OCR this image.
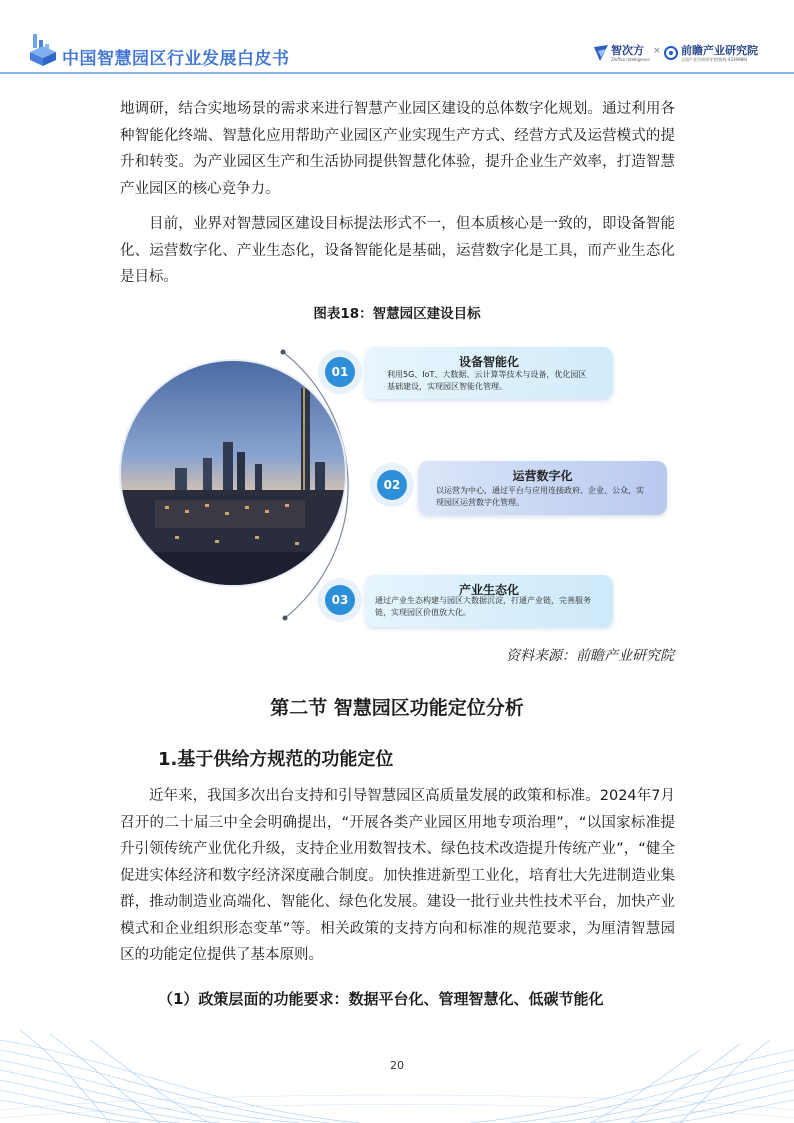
中国智慧园区行业发展白皮书	智次方
Zhiffan Intelligence
× 前瞻产业研究院
全国产业咨询领导者(热线:4339989)
地调研，结合实地场景的需求来进行智慧产业园区建设的总体数字化规划。通过利用各种智能化终端、智慧化应用帮助产业园区产业实现生产方式、经营方式及运营模式的提升和转变。为产业园区生产和生活协同提供智慧化体验，提升企业生产效率，打造智慧产业园区的核心竞争力。
目前，业界对智慧园区建设目标提法形式不一，但本质核心是一致的，即设备智能化、运营数字化、产业生态化，设备智能化是基础，运营数字化是工具，而产业生态化是目标。
图表18：智慧园区建设目标
01
设备智能化
利用5G、IoT、大数据、云计算等技术与设备，优化园区基础建设，实现园区智能化管理。
02
运营数字化
以运营为中心，通过平台与应用连接政府、企业、公众，实现园区运营数字化管理。
03
产业生态化
通过产业生态构建与园区大数据沉淀，打通产业链，完善服务链，实现园区价值放大化。
资料来源：前瞻产业研究院
第二节 智慧园区功能定位分析
1.基于供给方规范的功能定位
近年来，我国多次出台支持和引导智慧园区高质量发展的政策和标准。2024年7月召开的二十届三中全会明确提出，“开展各类产业园区用地专项治理”，“以国家标准提升引领传统产业优化升级，支持企业用数智技术、绿色技术改造提升传统产业”，“健全促进实体经济和数字经济深度融合制度。加快推进新型工业化，培育壮大先进制造业集群，推动制造业高端化、智能化、绿色化发展。建设一批行业共性技术平台，加快产业模式和企业组织形态变革”等。相关政策的支持方向和标准的规范要求，为厘清智慧园区的功能定位提供了基本原则。
（1）政策层面的功能要求：数据平台化、管理智慧化、低碳节能化
20
